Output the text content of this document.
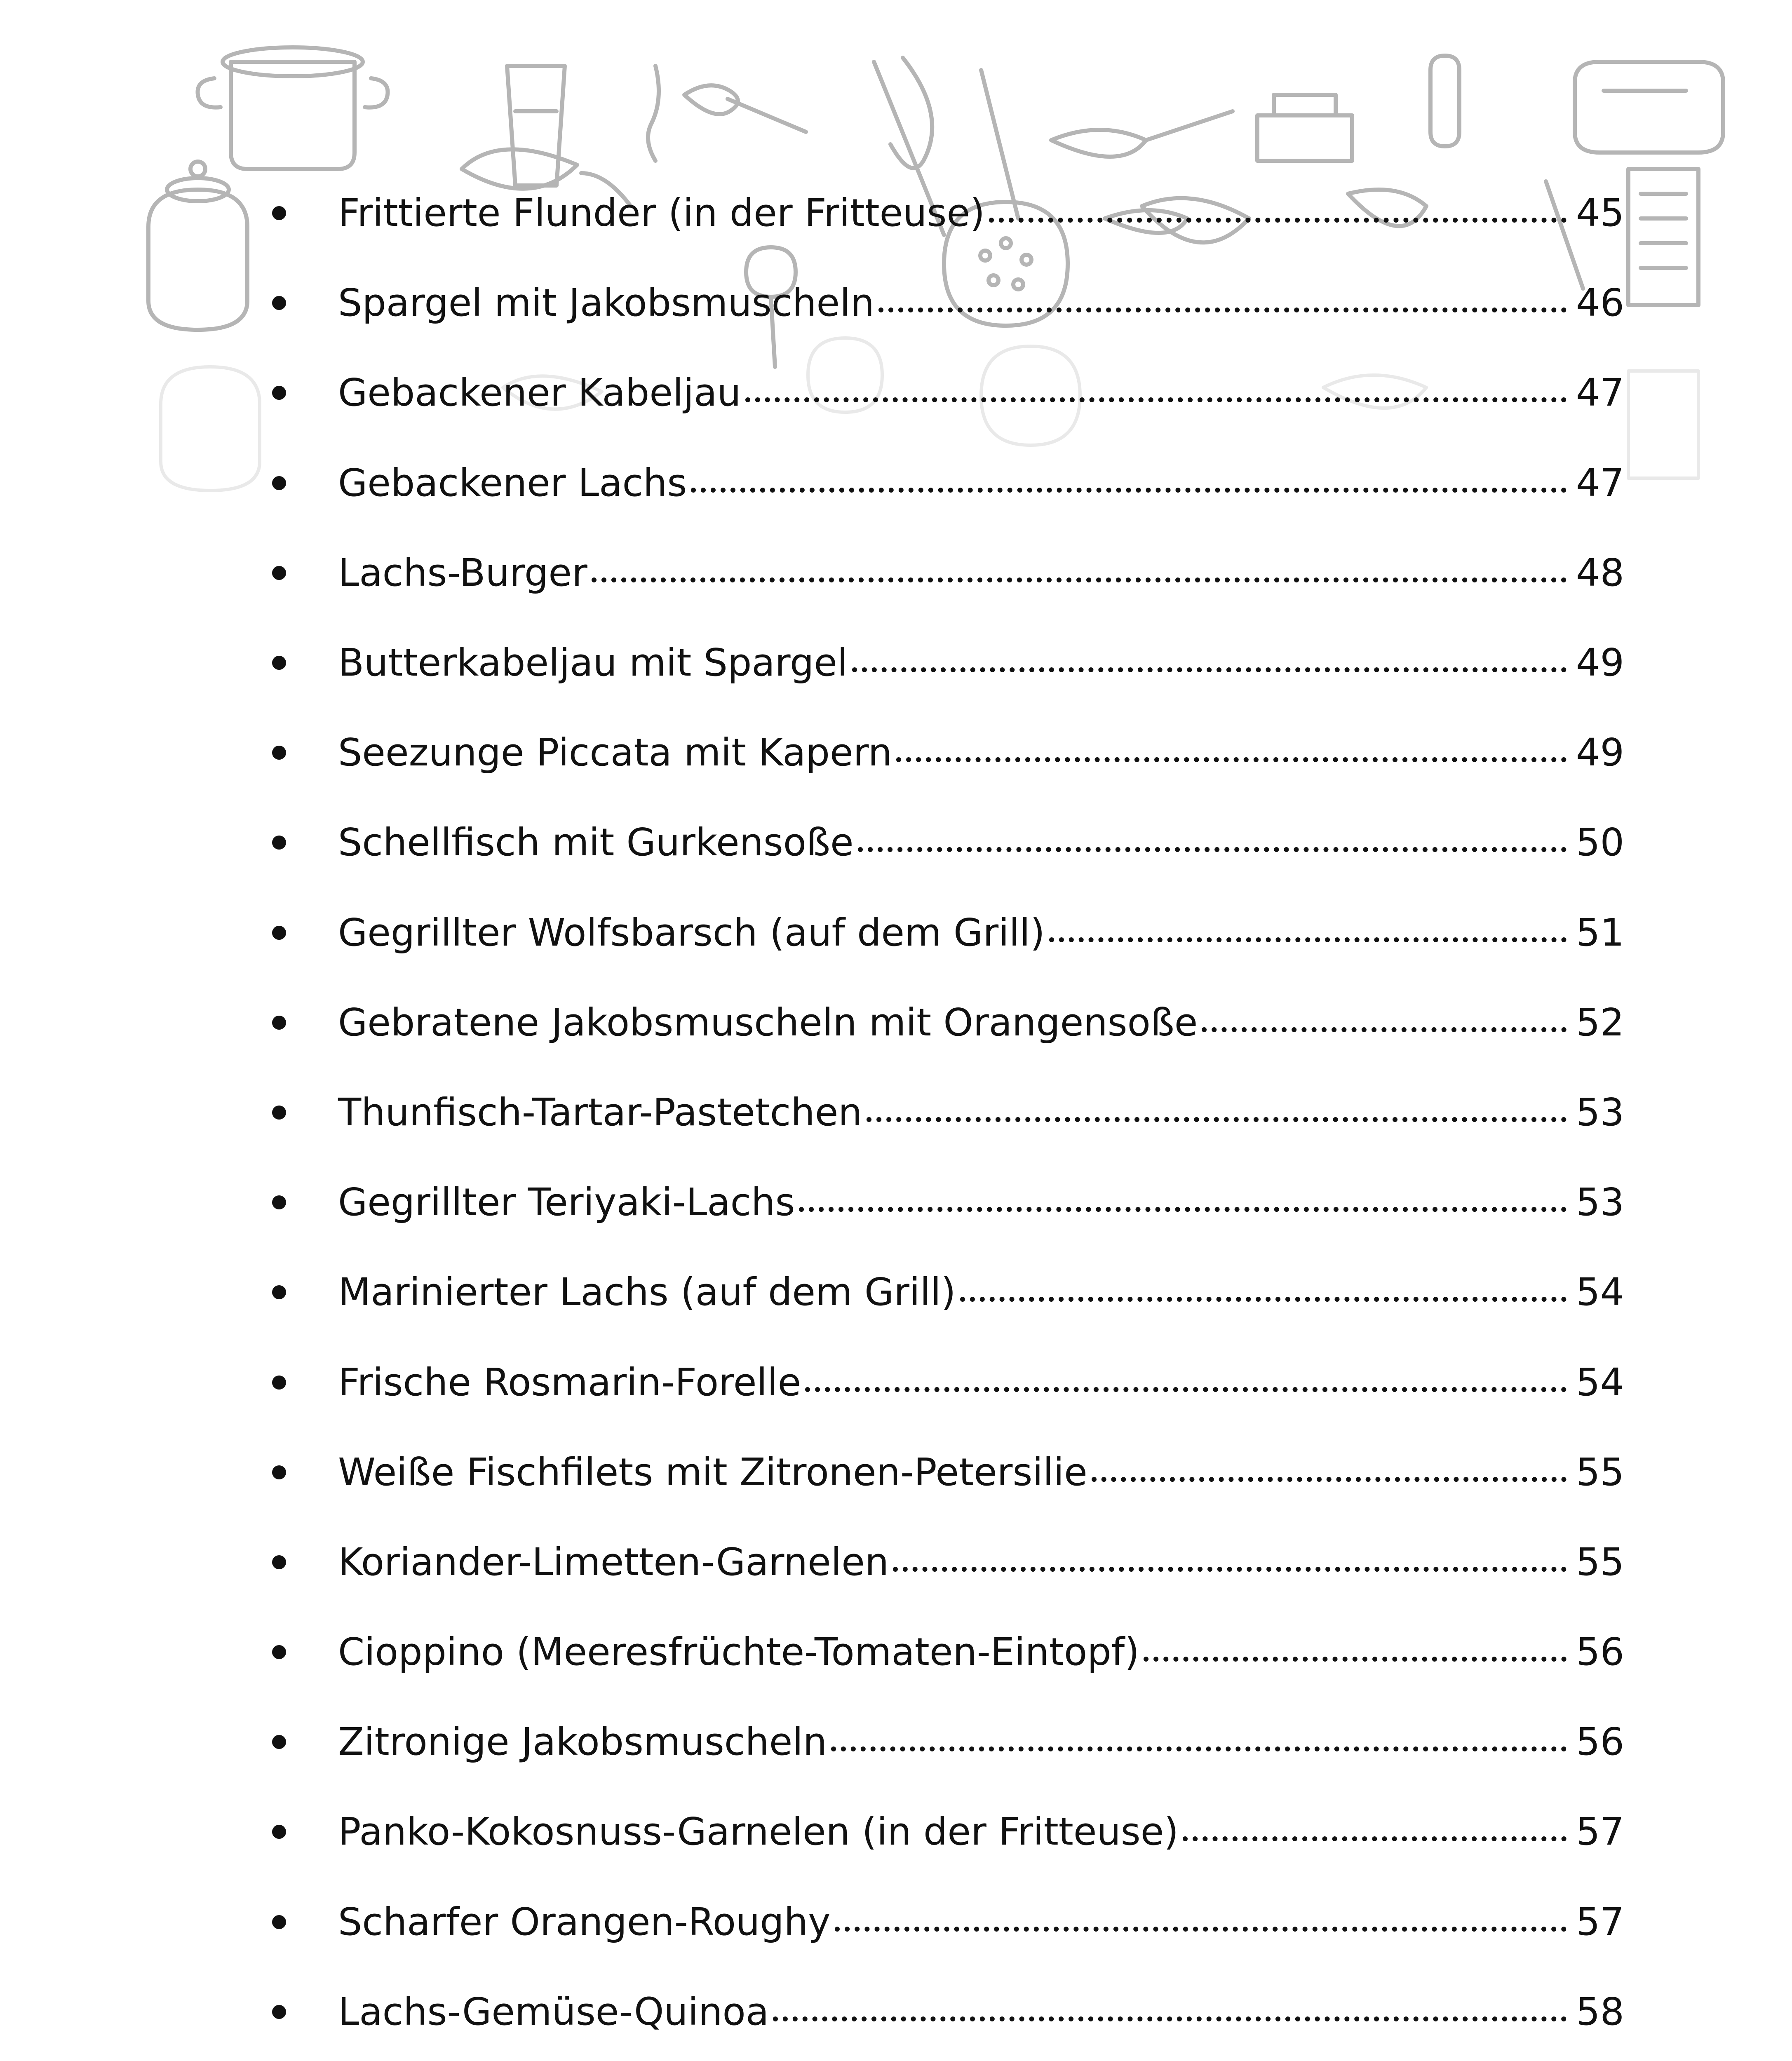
Frittierte Flunder (in der Fritteuse)	45
Spargel mit Jakobsmuscheln	46
Gebackener Kabeljau	47
Gebackener Lachs	47
Lachs-Burger	48
Butterkabeljau mit Spargel	49
Seezunge Piccata mit Kapern	49
Schellfisch mit Gurkensoße	50
Gegrillter Wolfsbarsch (auf dem Grill)	51
Gebratene Jakobsmuscheln mit Orangensoße	52
Thunfisch-Tartar-Pastetchen	53
Gegrillter Teriyaki-Lachs	53
Marinierter Lachs (auf dem Grill)	54
Frische Rosmarin-Forelle	54
Weiße Fischfilets mit Zitronen-Petersilie	55
Koriander-Limetten-Garnelen	55
Cioppino (Meeresfrüchte-Tomaten-Eintopf)	56
Zitronige Jakobsmuscheln	56
Panko-Kokosnuss-Garnelen (in der Fritteuse)	57
Scharfer Orangen-Roughy	57
Lachs-Gemüse-Quinoa	58
